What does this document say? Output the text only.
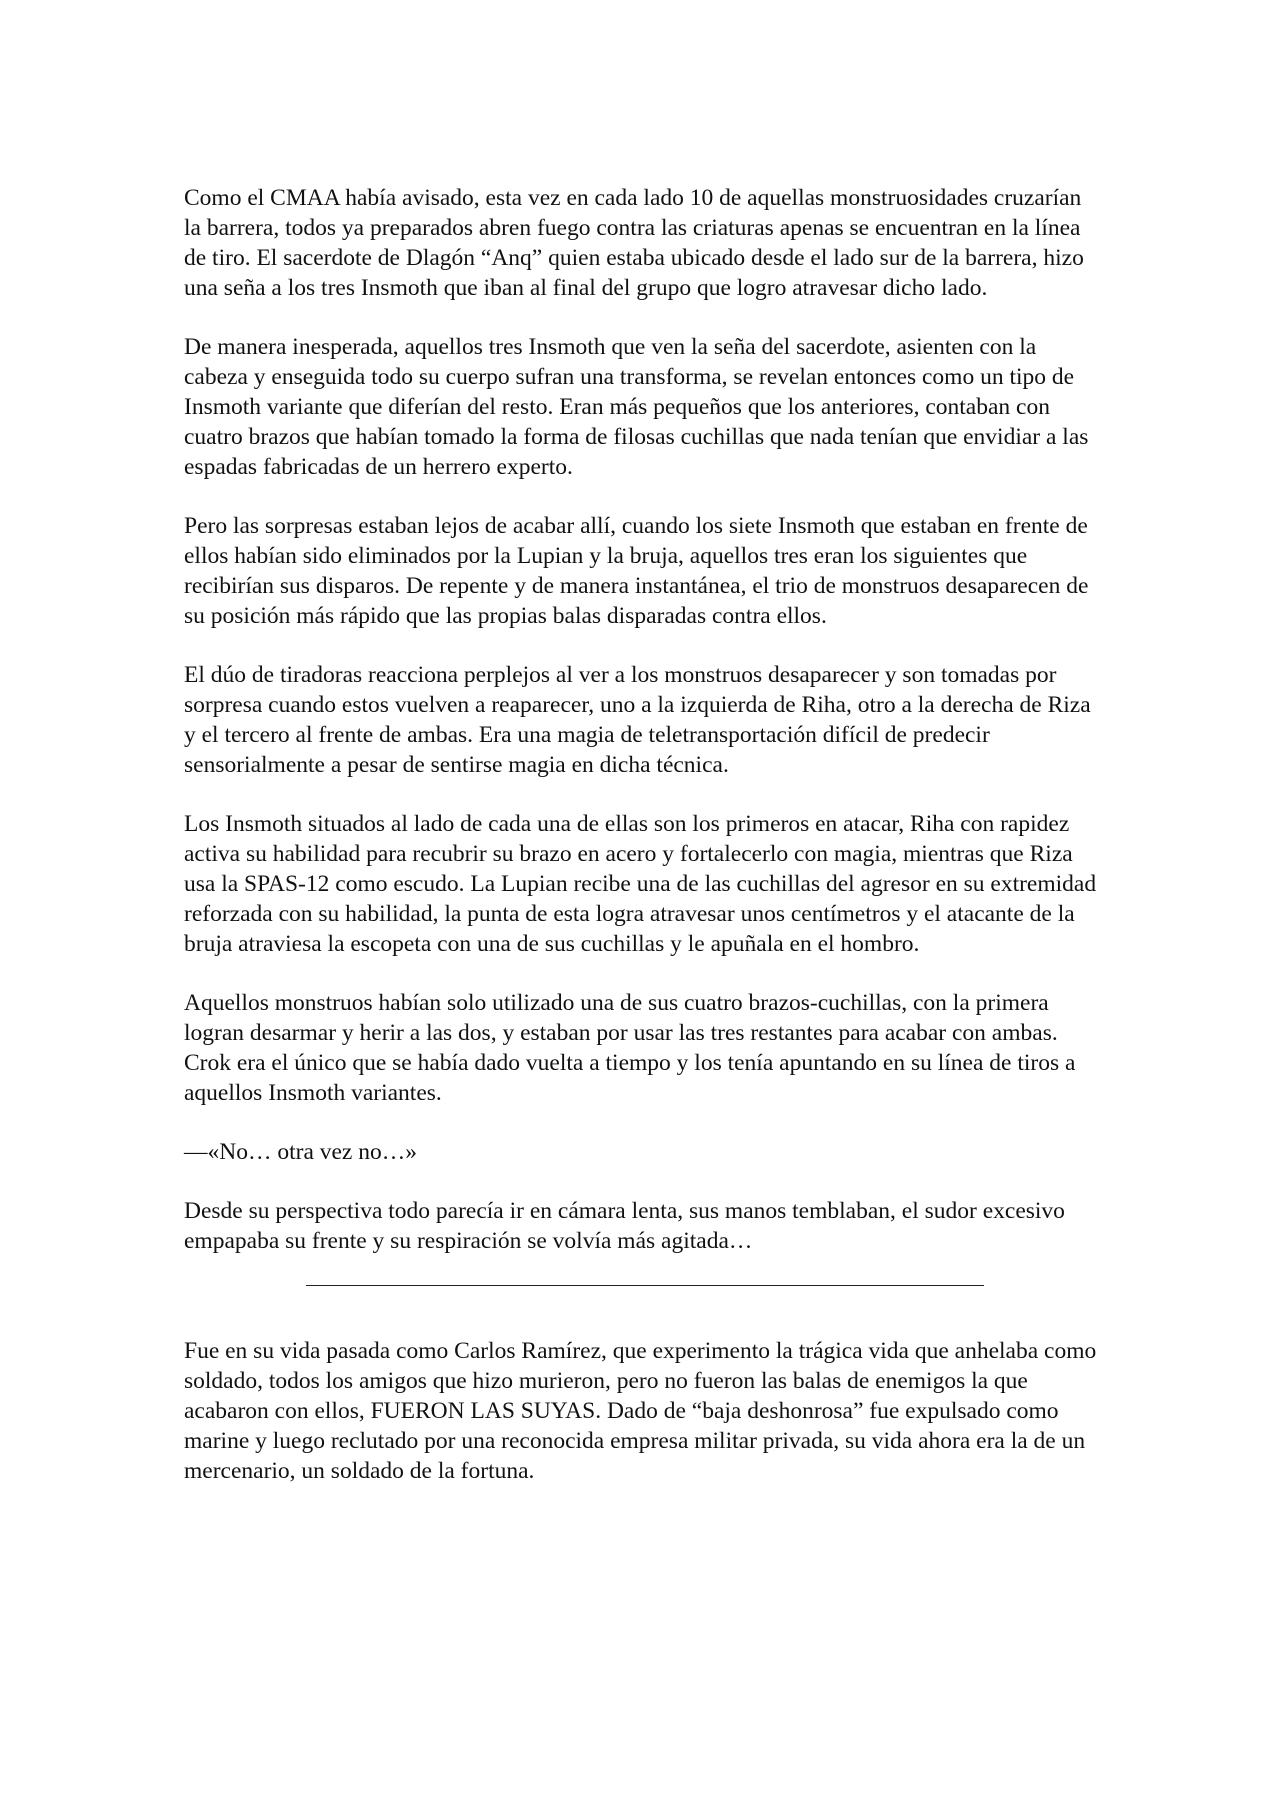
Como el CMAA había avisado, esta vez en cada lado 10 de aquellas monstruosidades cruzarían la barrera, todos ya preparados abren fuego contra las criaturas apenas se encuentran en la línea de tiro. El sacerdote de Dlagón “Anq” quien estaba ubicado desde el lado sur de la barrera, hizo una seña a los tres Insmoth que iban al final del grupo que logro atravesar dicho lado.

De manera inesperada, aquellos tres Insmoth que ven la seña del sacerdote, asienten con la cabeza y enseguida todo su cuerpo sufran una transforma, se revelan entonces como un tipo de Insmoth variante que diferían del resto. Eran más pequeños que los anteriores, contaban con cuatro brazos que habían tomado la forma de filosas cuchillas que nada tenían que envidiar a las espadas fabricadas de un herrero experto.

Pero las sorpresas estaban lejos de acabar allí, cuando los siete Insmoth que estaban en frente de ellos habían sido eliminados por la Lupian y la bruja, aquellos tres eran los siguientes que recibirían sus disparos. De repente y de manera instantánea, el trio de monstruos desaparecen de su posición más rápido que las propias balas disparadas contra ellos.

El dúo de tiradoras reacciona perplejos al ver a los monstruos desaparecer y son tomadas por sorpresa cuando estos vuelven a reaparecer, uno a la izquierda de Riha, otro a la derecha de Riza y el tercero al frente de ambas. Era una magia de teletransportación difícil de predecir sensorialmente a pesar de sentirse magia en dicha técnica.

Los Insmoth situados al lado de cada una de ellas son los primeros en atacar, Riha con rapidez activa su habilidad para recubrir su brazo en acero y fortalecerlo con magia, mientras que Riza usa la SPAS-12 como escudo. La Lupian recibe una de las cuchillas del agresor en su extremidad reforzada con su habilidad, la punta de esta logra atravesar unos centímetros y el atacante de la bruja atraviesa la escopeta con una de sus cuchillas y le apuñala en el hombro.

Aquellos monstruos habían solo utilizado una de sus cuatro brazos-cuchillas, con la primera logran desarmar y herir a las dos, y estaban por usar las tres restantes para acabar con ambas. Crok era el único que se había dado vuelta a tiempo y los tenía apuntando en su línea de tiros a aquellos Insmoth variantes.

—«No… otra vez no…»

Desde su perspectiva todo parecía ir en cámara lenta, sus manos temblaban, el sudor excesivo empapaba su frente y su respiración se volvía más agitada…

Fue en su vida pasada como Carlos Ramírez, que experimento la trágica vida que anhelaba como soldado, todos los amigos que hizo murieron, pero no fueron las balas de enemigos la que acabaron con ellos, FUERON LAS SUYAS. Dado de “baja deshonrosa” fue expulsado como marine y luego reclutado por una reconocida empresa militar privada, su vida ahora era la de un mercenario, un soldado de la fortuna.
